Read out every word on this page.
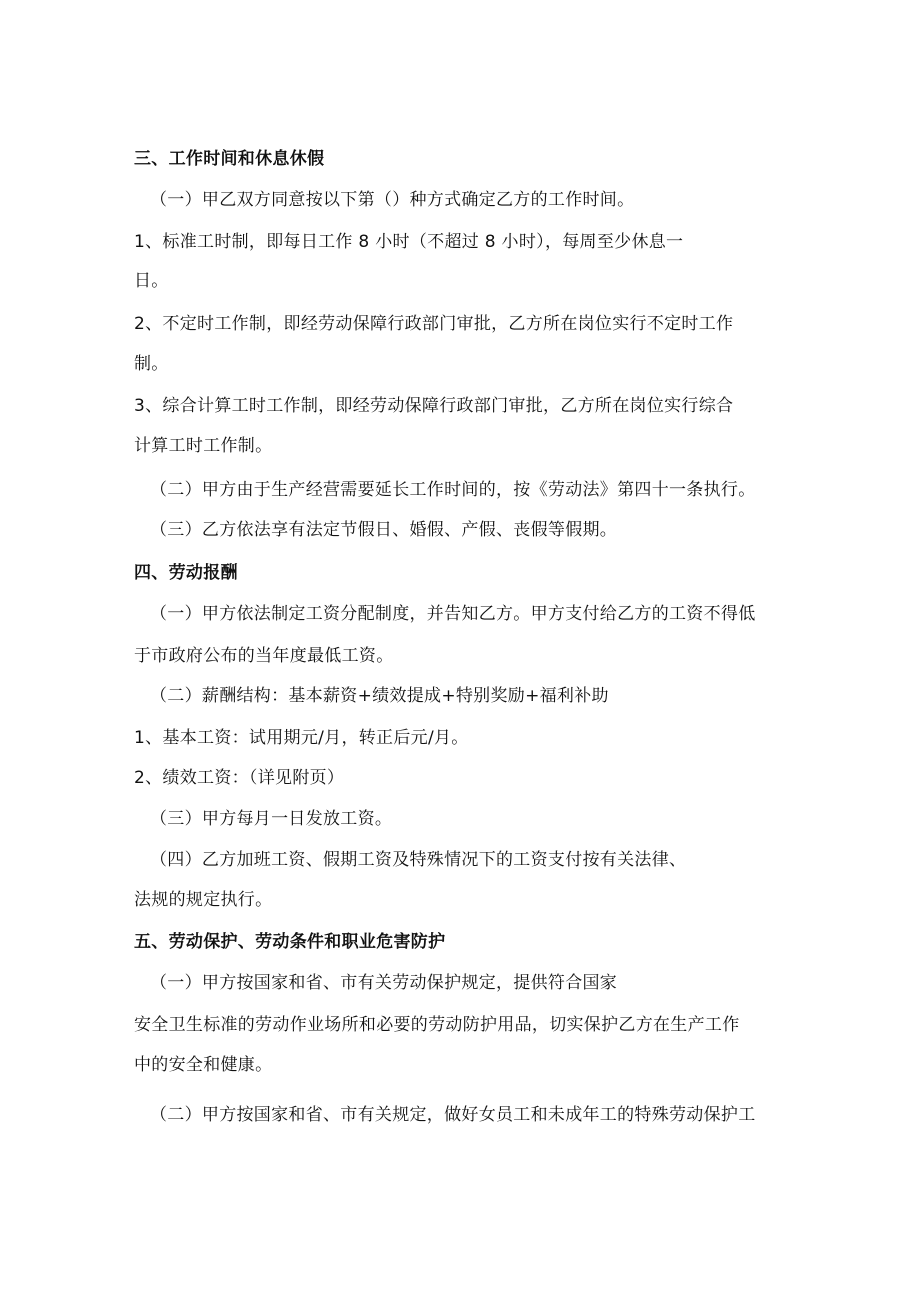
三、工作时间和休息休假
（一）甲乙双方同意按以下第（）种方式确定乙方的工作时间。
1、标准工时制，即每日工作 8 小时（不超过 8 小时），每周至少休息一
日。
2、不定时工作制，即经劳动保障行政部门审批，乙方所在岗位实行不定时工作
制。
3、综合计算工时工作制，即经劳动保障行政部门审批，乙方所在岗位实行综合
计算工时工作制。
（二）甲方由于生产经营需要延长工作时间的，按《劳动法》第四十一条执行。
（三）乙方依法享有法定节假日、婚假、产假、丧假等假期。
四、劳动报酬
（一）甲方依法制定工资分配制度，并告知乙方。甲方支付给乙方的工资不得低
于市政府公布的当年度最低工资。
（二）薪酬结构：基本薪资+绩效提成+特别奖励+福利补助
1、基本工资：试用期元/月，转正后元/月。
2、绩效工资：（详见附页）
（三）甲方每月一日发放工资。
（四）乙方加班工资、假期工资及特殊情况下的工资支付按有关法律、
法规的规定执行。
五、劳动保护、劳动条件和职业危害防护
（一）甲方按国家和省、市有关劳动保护规定，提供符合国家
安全卫生标准的劳动作业场所和必要的劳动防护用品，切实保护乙方在生产工作
中的安全和健康。
（二）甲方按国家和省、市有关规定，做好女员工和未成年工的特殊劳动保护工
